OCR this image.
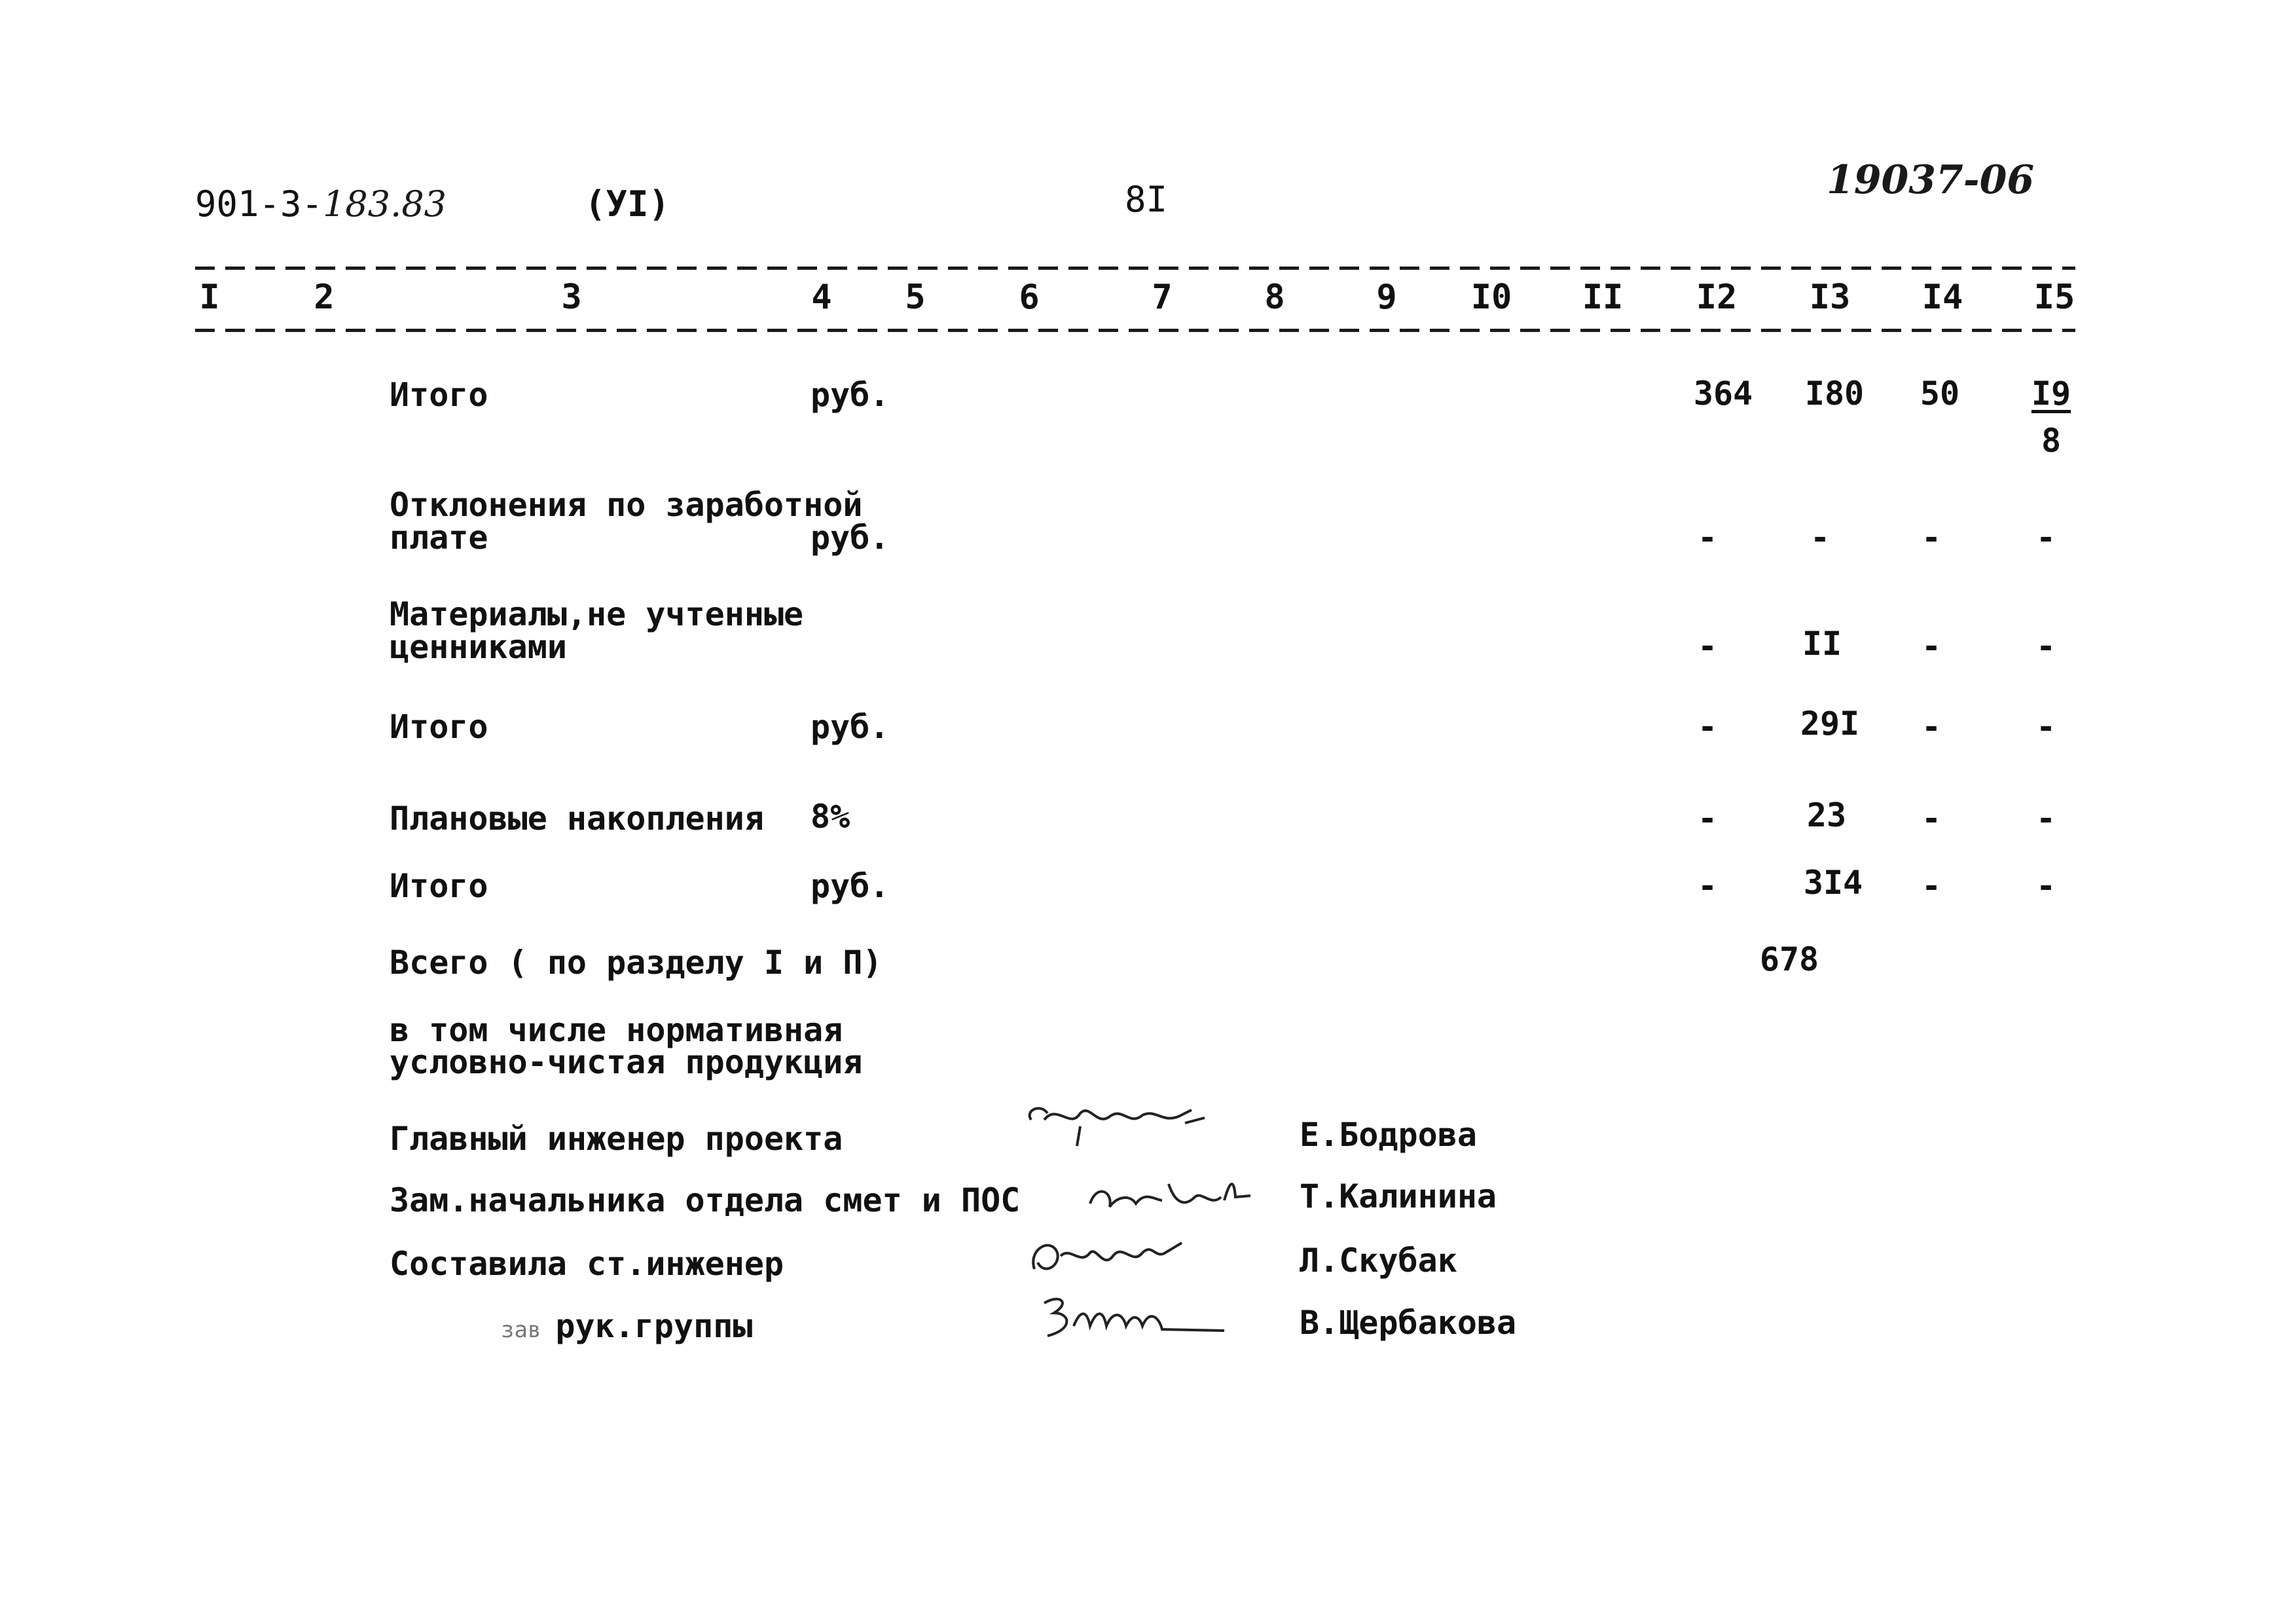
901-3-183.83	(УI)	8I	19037-06
I	2	3	4 5	6	7	8	9 I0 II I2 I3 I4 I5
Итого	руб.	364 I80 50 I9
8
Отклонения по заработной
плате	руб.	-	-	-	-
Материалы,не учтенные
ценниками	-	II -	-
Итого	руб.	-	29I -	-
Плановые накопления 8%	-	23 -	-
Итого	руб.	-	3I4 -	-
Всего ( по разделу I и П)	678
в том числе нормативная
условно-чистая продукция
Главный инженер проекта	Е.Бодрова
Зам.начальника отдела смет и ПОС	Т.Калинина
Составила ст.инженер	Л.Скубак
зав рук.группы	В.Щербакова
